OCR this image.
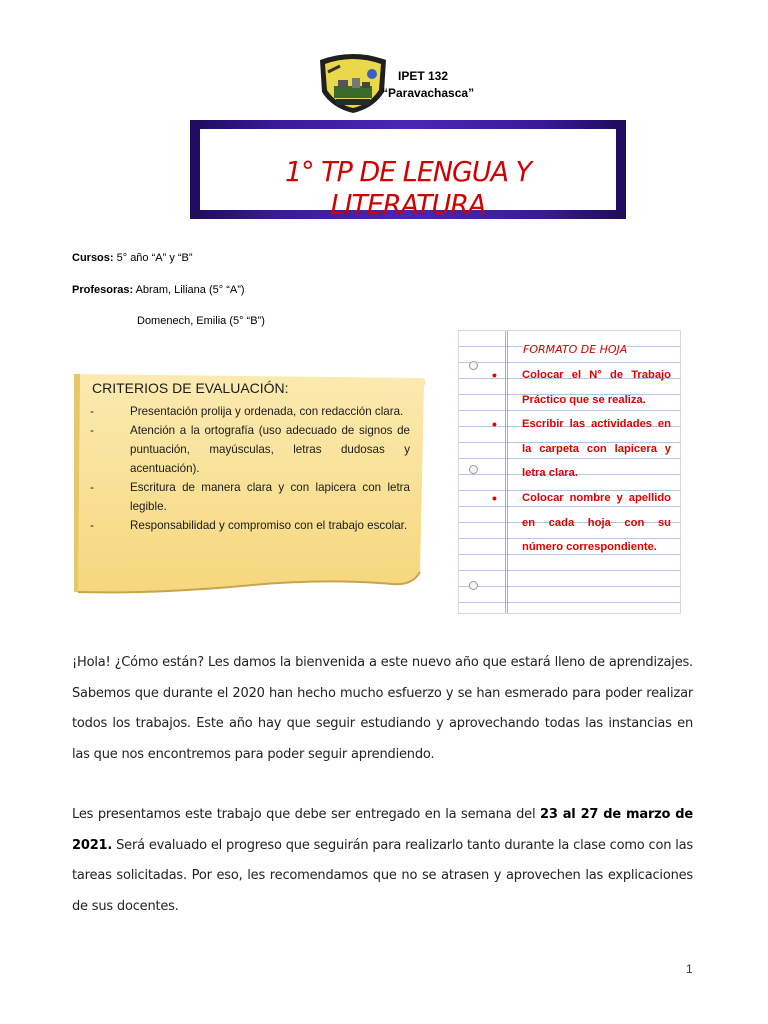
IPET 132
“Paravachasca”
1° TP DE LENGUA Y LITERATURA
Cursos: 5° año “A” y “B”
Profesoras: Abram, Liliana (5° “A”)
Domenech, Emilia (5° “B”)
CRITERIOS DE EVALUACIÓN:
- Presentación prolija y ordenada, con redacción clara.
- Atención a la ortografía (uso adecuado de signos de puntuación, mayúsculas, letras dudosas y acentuación).
- Escritura de manera clara y con lapicera con letra legible.
- Responsabilidad y compromiso con el trabajo escolar.
FORMATO DE HOJA
• Colocar el N° de Trabajo Práctico que se realiza.
• Escribir las actividades en la carpeta con lapicera y letra clara.
• Colocar nombre y apellido en cada hoja con su número correspondiente.

¡Hola! ¿Cómo están? Les damos la bienvenida a este nuevo año que estará lleno de aprendizajes. Sabemos que durante el 2020 han hecho mucho esfuerzo y se han esmerado para poder realizar todos los trabajos. Este año hay que seguir estudiando y aprovechando todas las instancias en las que nos encontremos para poder seguir aprendiendo.

Les presentamos este trabajo que debe ser entregado en la semana del 23 al 27 de marzo de 2021. Será evaluado el progreso que seguirán para realizarlo tanto durante la clase como con las tareas solicitadas. Por eso, les recomendamos que no se atrasen y aprovechen las explicaciones de sus docentes.

1
